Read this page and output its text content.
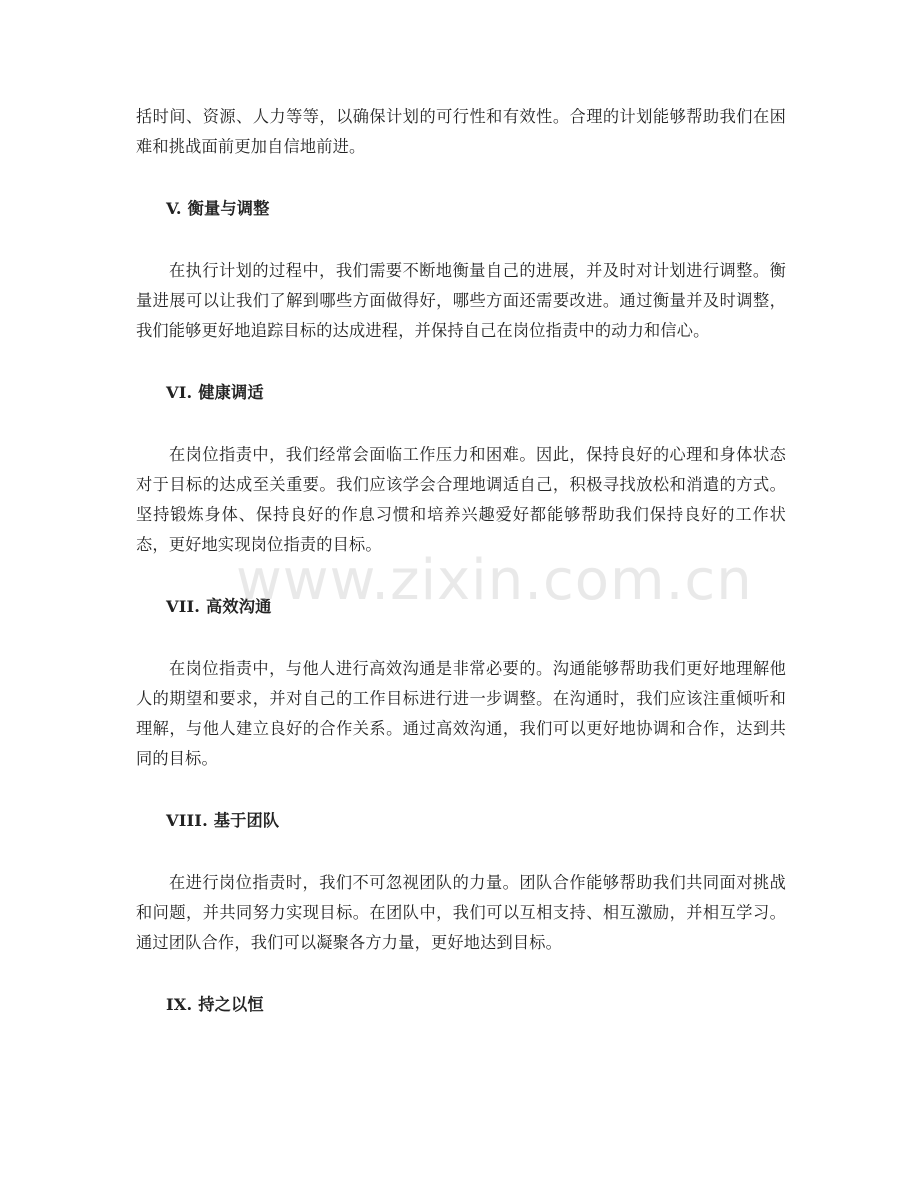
括时间、资源、人力等等，以确保计划的可行性和有效性。合理的计划能够帮助我们在困难和挑战面前更加自信地前进。

V. 衡量与调整

在执行计划的过程中，我们需要不断地衡量自己的进展，并及时对计划进行调整。衡量进展可以让我们了解到哪些方面做得好，哪些方面还需要改进。通过衡量并及时调整，我们能够更好地追踪目标的达成进程，并保持自己在岗位指责中的动力和信心。

VI. 健康调适

在岗位指责中，我们经常会面临工作压力和困难。因此，保持良好的心理和身体状态对于目标的达成至关重要。我们应该学会合理地调适自己，积极寻找放松和消遣的方式。坚持锻炼身体、保持良好的作息习惯和培养兴趣爱好都能够帮助我们保持良好的工作状态，更好地实现岗位指责的目标。

VII. 高效沟通

在岗位指责中，与他人进行高效沟通是非常必要的。沟通能够帮助我们更好地理解他人的期望和要求，并对自己的工作目标进行进一步调整。在沟通时，我们应该注重倾听和理解，与他人建立良好的合作关系。通过高效沟通，我们可以更好地协调和合作，达到共同的目标。

VIII. 基于团队

在进行岗位指责时，我们不可忽视团队的力量。团队合作能够帮助我们共同面对挑战和问题，并共同努力实现目标。在团队中，我们可以互相支持、相互激励，并相互学习。通过团队合作，我们可以凝聚各方力量，更好地达到目标。

IX. 持之以恒
www.zixin.com.cn
